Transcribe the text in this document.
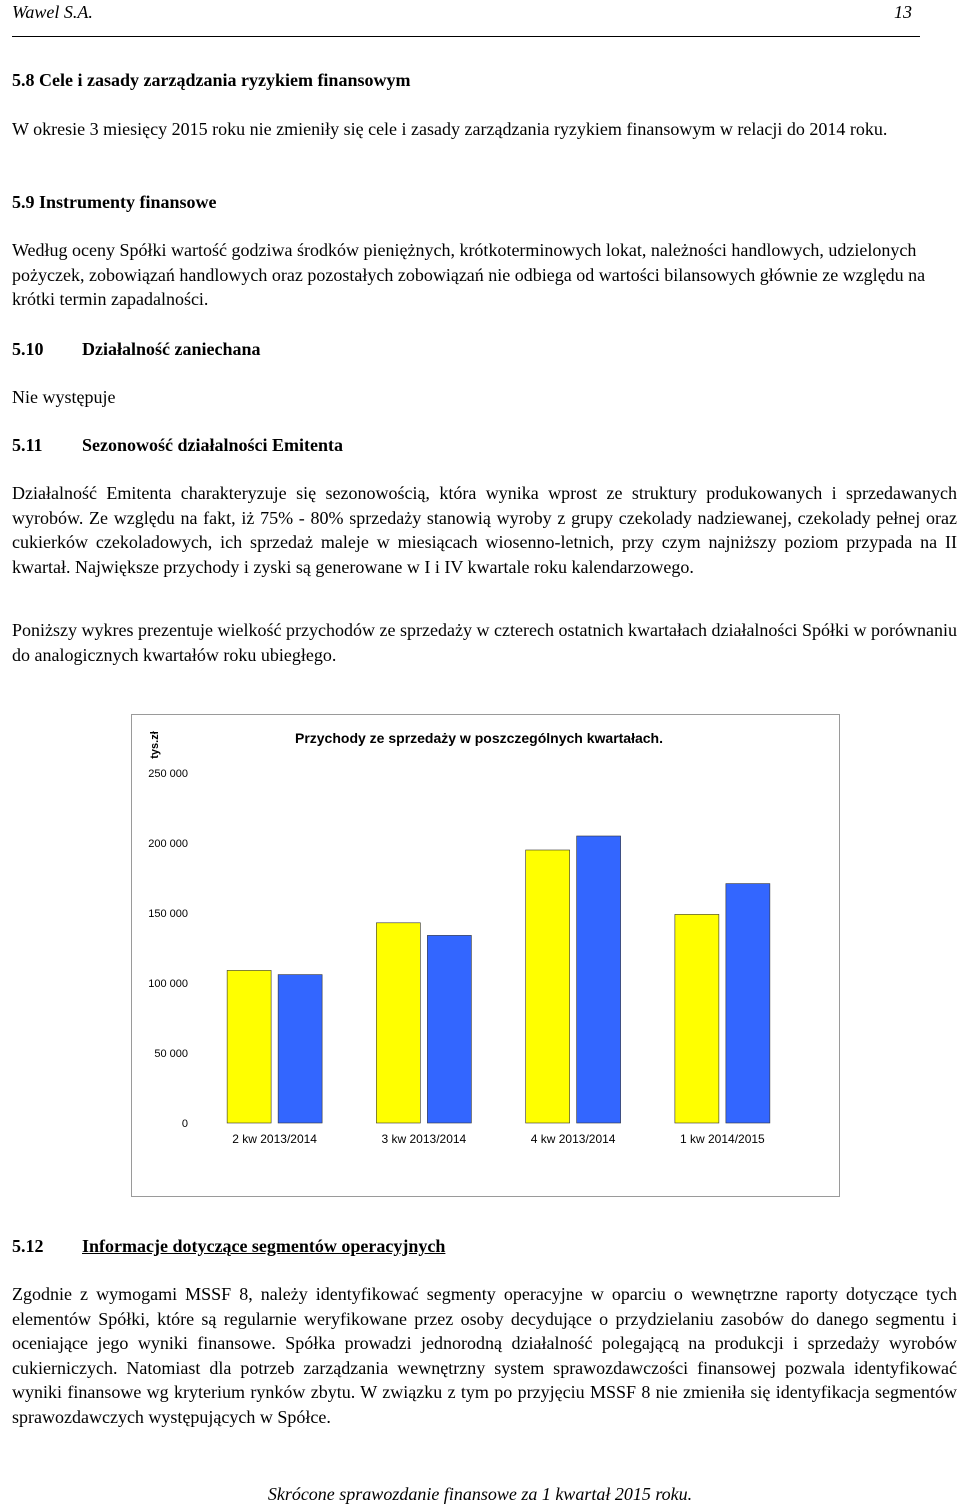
Wawel S.A.	13
5.8 Cele i zasady zarządzania ryzykiem finansowym
W okresie 3 miesięcy 2015 roku nie zmieniły się cele i zasady zarządzania ryzykiem finansowym w relacji do 2014 roku.
5.9 Instrumenty finansowe
Według oceny Spółki wartość godziwa środków pieniężnych, krótkoterminowych lokat, należności handlowych, udzielonych pożyczek, zobowiązań handlowych oraz pozostałych zobowiązań nie odbiega od wartości bilansowych głównie ze względu na krótki termin zapadalności.
5.10 Działalność zaniechana
Nie występuje
5.11 Sezonowość działalności Emitenta
Działalność Emitenta charakteryzuje się sezonowością, która wynika wprost ze struktury produkowanych i sprzedawanych wyrobów. Ze względu na fakt, iż 75% - 80% sprzedaży stanowią wyroby z grupy czekolady nadziewanej, czekolady pełnej oraz cukierków czekoladowych, ich sprzedaż maleje w miesiącach wiosenno-letnich, przy czym najniższy poziom przypada na II kwartał. Największe przychody i zyski są generowane w I i IV kwartale roku kalendarzowego.
Poniższy wykres prezentuje wielkość przychodów ze sprzedaży w czterech ostatnich kwartałach działalności Spółki w porównaniu do analogicznych kwartałów roku ubiegłego.
Przychody ze sprzedaży w poszczególnych kwartałach.
tys.zł
0
50 000
100 000
150 000
200 000
250 000
2 kw 2013/2014	3 kw 2013/2014	4 kw 2013/2014	1 kw 2014/2015
5.12 Informacje dotyczące segmentów operacyjnych
Zgodnie z wymogami MSSF 8, należy identyfikować segmenty operacyjne w oparciu o wewnętrzne raporty dotyczące tych elementów Spółki, które są regularnie weryfikowane przez osoby decydujące o przydzielaniu zasobów do danego segmentu i oceniające jego wyniki finansowe. Spółka prowadzi jednorodną działalność polegającą na produkcji i sprzedaży wyrobów cukierniczych. Natomiast dla potrzeb zarządzania wewnętrzny system sprawozdawczości finansowej pozwala identyfikować wyniki finansowe wg kryterium rynków zbytu. W związku z tym po przyjęciu MSSF 8 nie zmieniła się identyfikacja segmentów sprawozdawczych występujących w Spółce.
Skrócone sprawozdanie finansowe za 1 kwartał 2015 roku.
